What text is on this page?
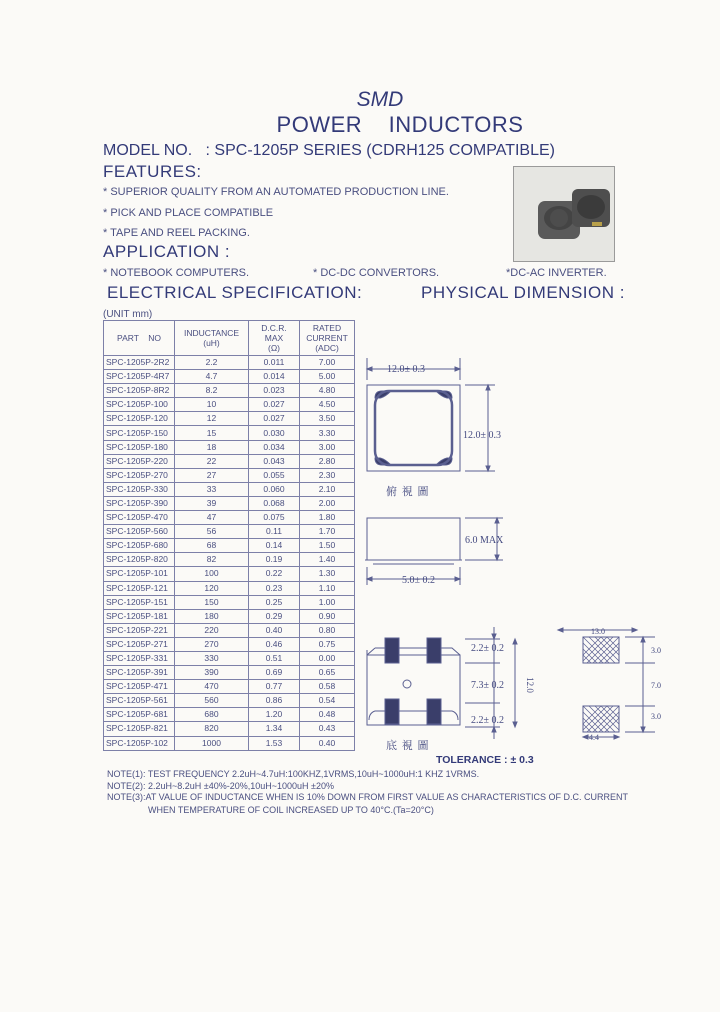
SMD
POWER    INDUCTORS
MODEL NO.   : SPC-1205P SERIES (CDRH125 COMPATIBLE)
FEATURES:
* SUPERIOR QUALITY FROM AN AUTOMATED PRODUCTION LINE.
* PICK AND PLACE COMPATIBLE
* TAPE AND REEL PACKING.
APPLICATION :
* NOTEBOOK COMPUTERS.	* DC-DC CONVERTORS.	*DC-AC INVERTER.
ELECTRICAL SPECIFICATION:	PHYSICAL DIMENSION :
(UNIT mm)
PART    NO	INDUCTANCE
(uH)	D.C.R.
MAX
(Ω)	RATED
CURRENT
(ADC)
SPC-1205P-2R2	2.2	0.011	7.00
SPC-1205P-4R7	4.7	0.014	5.00
SPC-1205P-8R2	8.2	0.023	4.80
SPC-1205P-100	10	0.027	4.50
SPC-1205P-120	12	0.027	3.50
SPC-1205P-150	15	0.030	3.30
SPC-1205P-180	18	0.034	3.00
SPC-1205P-220	22	0.043	2.80
SPC-1205P-270	27	0.055	2.30
SPC-1205P-330	33	0.060	2.10
SPC-1205P-390	39	0.068	2.00
SPC-1205P-470	47	0.075	1.80
SPC-1205P-560	56	0.11	1.70
SPC-1205P-680	68	0.14	1.50
SPC-1205P-820	82	0.19	1.40
SPC-1205P-101	100	0.22	1.30
SPC-1205P-121	120	0.23	1.10
SPC-1205P-151	150	0.25	1.00
SPC-1205P-181	180	0.29	0.90
SPC-1205P-221	220	0.40	0.80
SPC-1205P-271	270	0.46	0.75
SPC-1205P-331	330	0.51	0.00
SPC-1205P-391	390	0.69	0.65
SPC-1205P-471	470	0.77	0.58
SPC-1205P-561	560	0.86	0.54
SPC-1205P-681	680	1.20	0.48
SPC-1205P-821	820	1.34	0.43
SPC-1205P-102	1000	1.53	0.40
12.0± 0.3
12.0± 0.3
俯 視 圖
6.0 MAX
5.0± 0.2
2.2± 0.2
7.3± 0.2
2.2± 0.2
12.0
底 視 圖
13.0
3.0
7.0
3.0
4.4
TOLERANCE : ± 0.3
NOTE(1): TEST FREQUENCY 2.2uH~4.7uH:100KHZ,1VRMS,10uH~1000uH:1 KHZ 1VRMS.
NOTE(2): 2.2uH~8.2uH ±40%-20%,10uH~1000uH ±20%
NOTE(3):AT VALUE OF INDUCTANCE WHEN IS 10% DOWN FROM FIRST VALUE AS CHARACTERISTICS OF D.C. CURRENT
WHEN TEMPERATURE OF COIL INCREASED UP TO 40°C.(Ta=20°C)
